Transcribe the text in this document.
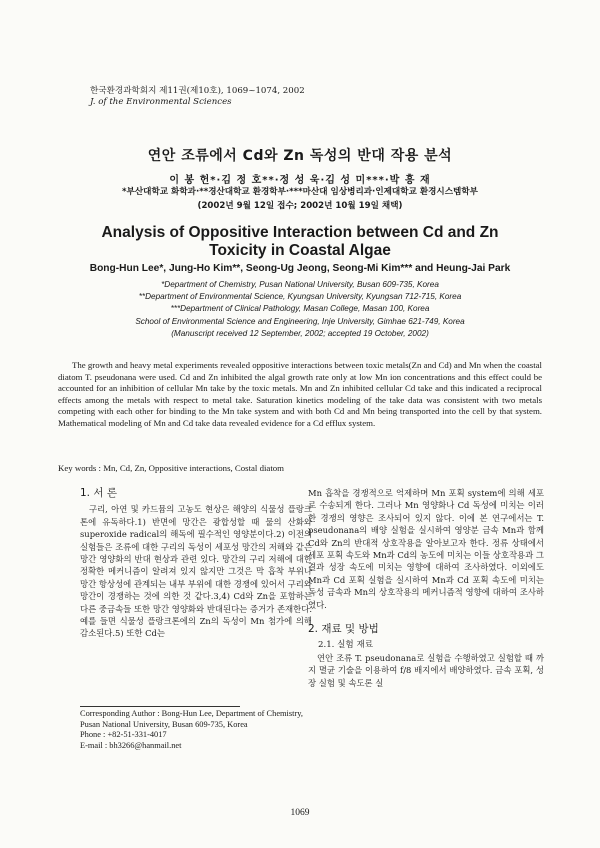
한국환경과학회지 제11권(제10호), 1069~1074, 2002
J. of the Environmental Sciences
연안 조류에서 Cd와 Zn 독성의 반대 작용 분석
이 봉 헌*·김 정 호**·정 성 욱·김 성 미***·박 흥 재
*부산대학교 화학과·**경산대학교 환경학부·***마산대 임상병리과·인제대학교 환경시스템학부
(2002년 9월 12일 접수; 2002년 10월 19일 채택)
Analysis of Oppositive Interaction between Cd and Zn
Toxicity in Coastal Algae
Bong-Hun Lee*, Jung-Ho Kim**, Seong-Ug Jeong, Seong-Mi Kim*** and Heung-Jai Park
*Department of Chemistry, Pusan National University, Busan 609-735, Korea
**Department of Environmental Science, Kyungsan University, Kyungsan 712-715, Korea
***Department of Clinical Pathology, Masan College, Masan 100, Korea
School of Environmental Science and Engineering, Inje University, Gimhae 621-749, Korea
(Manuscript received 12 September, 2002; accepted 19 October, 2002)

The growth and heavy metal experiments revealed oppositive interactions between toxic metals(Zn and Cd) and Mn when the coastal diatom T. pseudonana were used. Cd and Zn inhibited the algal growth rate only at low Mn ion concentrations and this effect could be accounted for an inhibition of cellular Mn take by the toxic metals. Mn and Zn inhibited cellular Cd take and this indicated a reciprocal effects among the metals with respect to metal take. Saturation kinetics modeling of the take data was consistent with two metals competing with each other for binding to the Mn take system and with both Cd and Mn being transported into the cell by that system. Mathematical modeling of Mn and Cd take data revealed evidence for a Cd efflux system.

Key words : Mn, Cd, Zn, Oppositive interactions, Costal diatom
1. 서 론

구리, 아연 및 카드뮴의 고농도 현상은 해양의 식물성 플랑크톤에 유독하다.1) 반면에 망간은 광합성할 때 물의 산화와 superoxide radical의 해독에 필수적인 영양분이다.2) 이전의 실험들은 조류에 대한 구리의 독성이 세포성 망간의 저해와 같은 망간 영양화의 반대 현상과 관련 있다. 망간의 구리 저해에 대한 정확한 메커니즘이 알려져 있지 않지만 그것은 막 흡착 부위나 망간 항상성에 관계되는 내부 부위에 대한 경쟁에 있어서 구리와 망간이 경쟁하는 것에 의한 것 같다.3,4) Cd와 Zn을 포함하는 다른 중금속들 또한 망간 영양화와 반대된다는 증거가 존재한다. 예를 들면 식물성 플랑크톤에의 Zn의 독성이 Mn 첨가에 의해 감소된다.5) 또한 Cd는

Mn 흡착을 경쟁적으로 억제하며 Mn 포획 system에 의해 세포로 수송되게 한다. 그러나 Mn 영양화나 Cd 독성에 미치는 이러한 경쟁의 영향은 조사되어 있지 않다. 이에 본 연구에서는 T. pseudonana의 배양 실험을 실시하여 영양분 금속 Mn과 함께 Cd와 Zn의 반대적 상호작용을 알아보고자 한다. 정류 상태에서 세포 포획 속도와 Mn과 Cd의 농도에 미치는 이들 상호작용과 그 결과 성장 속도에 미치는 영향에 대하여 조사하였다. 이외에도 Mn과 Cd 포획 실험을 실시하여 Mn과 Cd 포획 속도에 미치는 독성 금속과 Mn의 상호작용의 메커니즘적 영향에 대하여 조사하였다.

2. 재료 및 방법
2.1. 실험 재료

연안 조류 T. pseudonana로 실험을 수행하였고 실험할 때 까지 멸균 기술을 이용하여 f/8 배지에서 배양하였다. 금속 포획, 성장 실험 및 속도론 실

Corresponding Author : Bong-Hun Lee, Department of Chemistry, Pusan National University, Busan 609-735, Korea
Phone : +82-51-331-4017
E-mail : bh3266@hanmail.net
1069
